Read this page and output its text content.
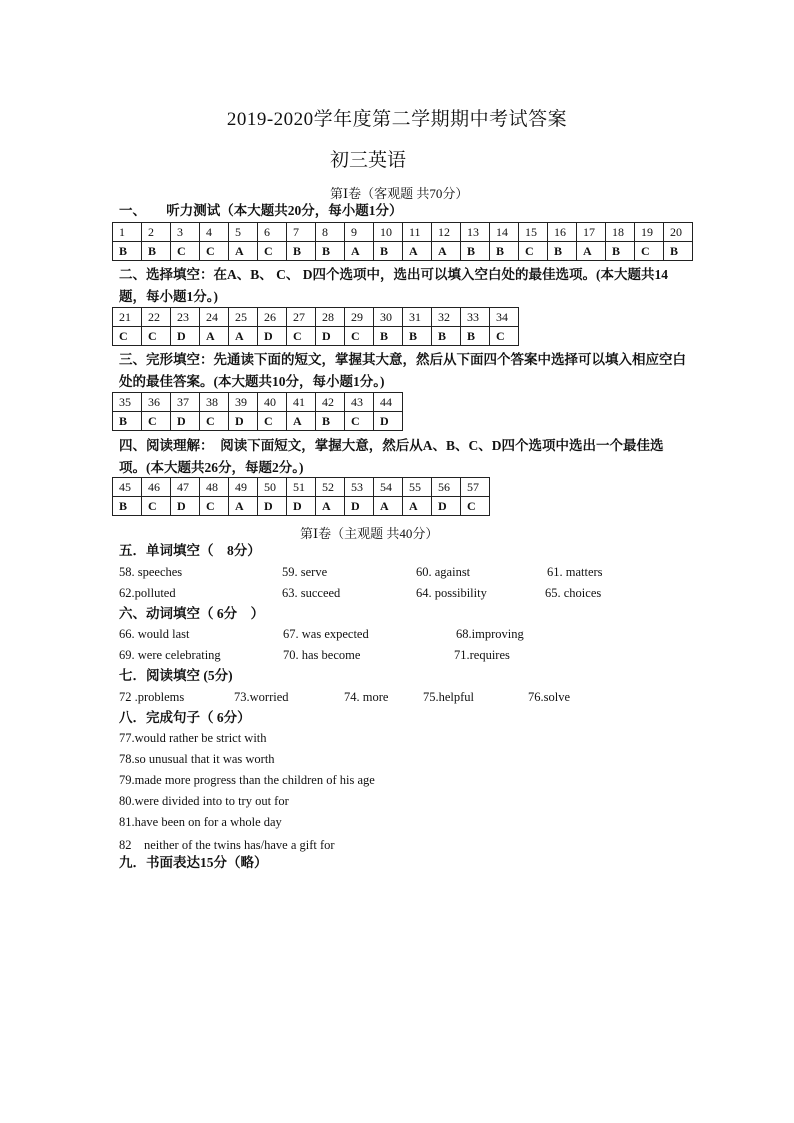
2019-2020学年度第二学期期中考试答案
初三英语
第Ⅰ卷（客观题 共70分）
一、　　听力测试（本大题共20分，每小题1分）
1	2	3	4	5	6	7	8	9	10	11	12	13	14	15	16	17	18	19	20
B	B	C	C	A	C	B	B	A	B	A	A	B	B	C	B	A	B	C	B
二、选择填空：在A、B、 C、 D四个选项中，选出可以填入空白处的最佳选项。(本大题共14题，每小题1分。)
21	22	23	24	25	26	27	28	29	30	31	32	33	34
C	C	D	A	A	D	C	D	C	B	B	B	B	C
三、完形填空：先通读下面的短文，掌握其大意，然后从下面四个答案中选择可以填入相应空白处的最佳答案。(本大题共10分，每小题1分。)
35	36	37	38	39	40	41	42	43	44
B	C	D	C	D	C	A	B	C	D
四、阅读理解：　阅读下面短文，掌握大意，然后从A、B、C、D四个选项中选出一个最佳选项。(本大题共26分，每题2分。)
45	46	47	48	49	50	51	52	53	54	55	56	57
B	C	D	C	A	D	D	A	D	A	A	D	C
第Ⅰ卷（主观题 共40分）
五．单词填空（　8分）
58. speeches	59. serve	60. against	61. matters
62.polluted	63. succeed	64. possibility	65. choices
六、动词填空（ 6分　）
66. would last	67. was expected	68.improving
69. were celebrating	70. has become	71.requires
七．阅读填空 (5分)
72 .problems	73.worried	74. more	75.helpful	76.solve
八．完成句子（ 6分）
77.would rather be strict with
78.so unusual that it was worth
79.made more progress than the children of his age
80.were divided into to try out for
81.have been on for a whole day
82　neither of the twins has/have a gift for
九．书面表达15分（略）
